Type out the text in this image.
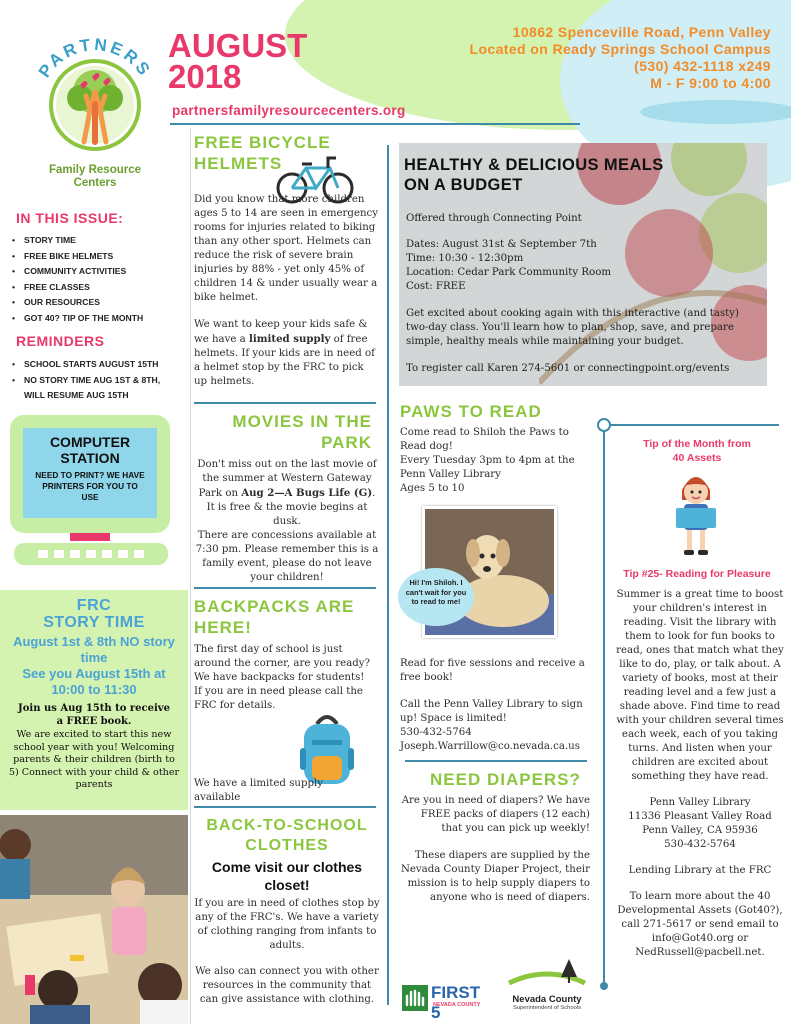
PARTNERS
Family Resource
Centers
AUGUST
2018
partnersfamilyresourcecenters.org
10862 Spenceville Road, Penn Valley
Located on Ready Springs School Campus
(530) 432-1118 x249
M - F 9:00 to 4:00
IN THIS ISSUE:
• STORY TIME
• FREE BIKE HELMETS
• COMMUNITY ACTIVITIES
• FREE CLASSES
• OUR RESOURCES
• GOT 40? TIP OF THE MONTH
REMINDERS
• SCHOOL STARTS AUGUST 15TH
• NO STORY TIME AUG 1ST & 8TH, WILL RESUME AUG 15TH
COMPUTER
STATION
NEED TO PRINT? WE HAVE PRINTERS FOR YOU TO USE
FRC
STORY TIME
August 1st & 8th NO story time
See you August 15th at 10:00 to 11:30
Join us Aug 15th to receive a FREE book.
We are excited to start this new school year with you! Welcoming parents & their children (birth to 5) Connect with your child & other parents
FREE BICYCLE
HELMETS
Did you know that more children ages 5 to 14 are seen in emergency rooms for injuries related to biking than any other sport. Helmets can reduce the risk of severe brain injuries by 88% - yet only 45% of children 14 & under usually wear a bike helmet.
We want to keep your kids safe & we have a limited supply of free helmets. If your kids are in need of a helmet stop by the FRC to pick up helmets.
MOVIES IN THE
PARK
Don't miss out on the last movie of the summer at Western Gateway Park on Aug 2—A Bugs Life (G). It is free & the movie begins at dusk.
There are concessions available at 7:30 pm. Please remember this is a family event, please do not leave your children!
BACKPACKS ARE
HERE!
The first day of school is just around the corner, are you ready? We have backpacks for students! If you are in need please call the FRC for details.
We have a limited supply available
BACK-TO-SCHOOL
CLOTHES
Come visit our clothes closet!
If you are in need of clothes stop by any of the FRC's. We have a variety of clothing ranging from infants to adults.
We also can connect you with other resources in the community that can give assistance with clothing.
HEALTHY & DELICIOUS MEALS
ON A BUDGET
Offered through Connecting Point
Dates: August 31st & September 7th
Time: 10:30 - 12:30pm
Location: Cedar Park Community Room
Cost: FREE
Get excited about cooking again with this interactive (and tasty) two-day class. You'll learn how to plan, shop, save, and prepare simple, healthy meals while maintaining your budget.
To register call Karen 274-5601 or connectingpoint.org/events
PAWS TO READ
Come read to Shiloh the Paws to Read dog!
Every Tuesday 3pm to 4pm at the Penn Valley Library
Ages 5 to 10
Hi! I'm Shiloh. I can't wait for you to read to me!
Read for five sessions and receive a free book!
Call the Penn Valley Library to sign up! Space is limited!
530-432-5764
Joseph.Warrillow@co.nevada.ca.us
NEED DIAPERS?
Are you in need of diapers? We have FREE packs of diapers (12 each) that you can pick up weekly!
These diapers are supplied by the Nevada County Diaper Project, their mission is to help supply diapers to anyone who is need of diapers.
FIRST 5
NEVADA COUNTY	Nevada County
Superintendent of Schools
Tip of the Month from
40 Assets
Tip #25- Reading for Pleasure
Summer is a great time to boost your children's interest in reading. Visit the library with them to look for fun books to read, ones that match what they like to do, play, or talk about. A variety of books, most at their reading level and a few just a shade above. Find time to read with your children several times each week, each of you taking turns. And listen when your children are excited about something they have read.
Penn Valley Library
11336 Pleasant Valley Road
Penn Valley, CA 95936
530-432-5764
Lending Library at the FRC
To learn more about the 40 Developmental Assets (Got40?), call 271-5617 or send email to info@Got40.org or NedRussell@pacbell.net.
